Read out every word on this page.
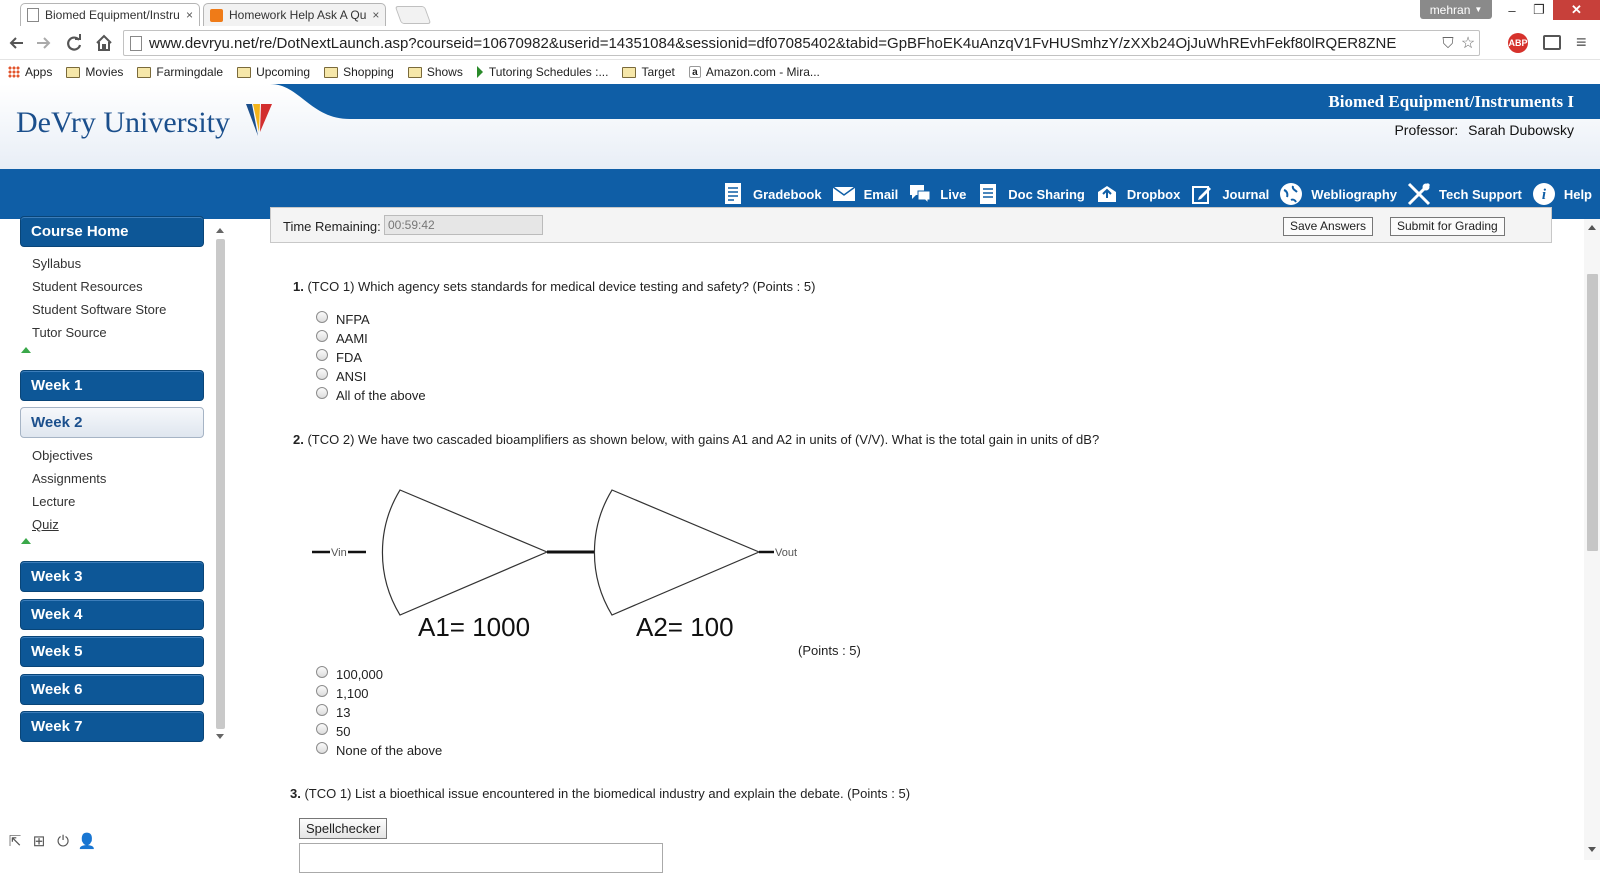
Biomed Equipment/Instru ×	Homework Help Ask A Qu ×	mehran ▼	–	❐	✕
www.devryu.net/re/DotNextLaunch.asp?courseid=10670982&userid=14351084&sessionid=df07085402&tabid=GpBFhoEK4uAnzqV1FvHUSmhzY/zXXb24OjJuWhREvhFekf80lRQER8ZNE	⛉ ☆	ABP	≡
Apps	Movies	Farmingdale	Upcoming	Shopping	Shows Tutoring Schedules :...	Target	a Amazon.com - Mira...
DeVry University
Biomed Equipment/Instruments I
Professor: Sarah Dubowsky
Gradebook	Email	Live	Doc Sharing	Dropbox	Journal	Webliography	Tech Support i Help
Course Home
Syllabus
Student Resources
Student Software Store
Tutor Source
Week 1
Week 2
Objectives
Assignments
Lecture
Quiz
Week 3
Week 4
Week 5
Week 6
Week 7
⇱ ⊞ ⏻ 👤
Time Remaining: 00:59:42	Save Answers	Submit for Grading
1. (TCO 1) Which agency sets standards for medical device testing and safety? (Points : 5)
NFPA
AAMI
FDA
ANSI
All of the above
2. (TCO 2) We have two cascaded bioamplifiers as shown below, with gains A1 and A2 in units of (V/V). What is the total gain in units of dB?
Vin	Vout
A1= 1000	A2= 100
(Points : 5)
100,000
1,100
13
50
None of the above
3. (TCO 1) List a bioethical issue encountered in the biomedical industry and explain the debate. (Points : 5)
Spellchecker
